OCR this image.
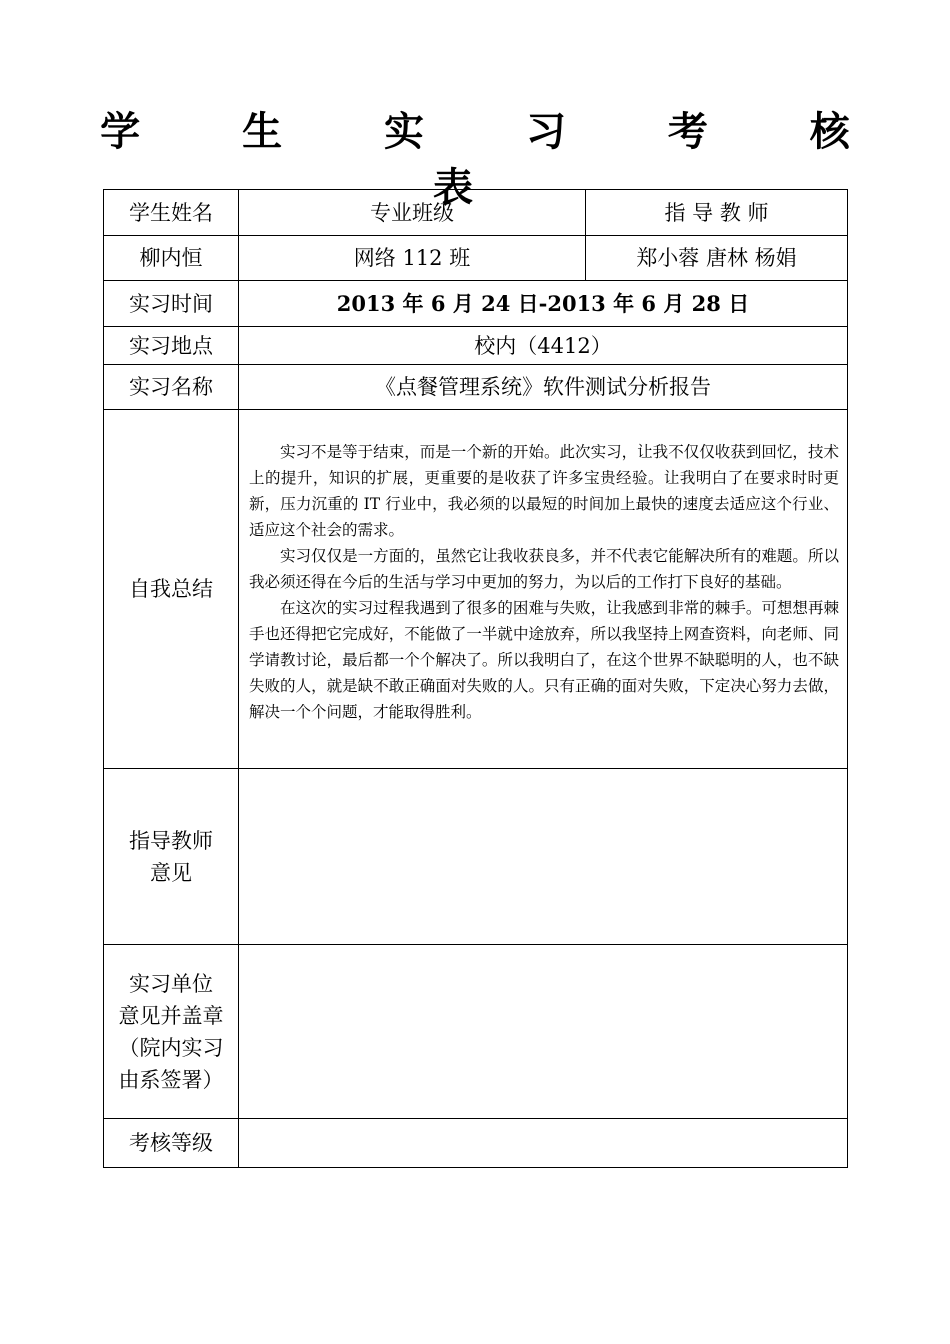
学 生 实 习 考 核 表
学生姓名	专业班级	指 导 教 师
柳内恒	网络 112 班	郑小蓉 唐林 杨娟
实习时间	2013 年 6 月 24 日-2013 年 6 月 28 日	
实习地点	校内（4412）	
实习名称	《点餐管理系统》软件测试分析报告	
自我总结	实习不是等于结束，而是一个新的开始。此次实习，让我不仅仅收获到回忆，技术上的提升，知识的扩展，更重要的是收获了许多宝贵经验。让我明白了在要求时时更新，压力沉重的 IT 行业中，我必须的以最短的时间加上最快的速度去适应这个行业、适应这个社会的需求。

实习仅仅是一方面的，虽然它让我收获良多，并不代表它能解决所有的难题。所以我必须还得在今后的生活与学习中更加的努力，为以后的工作打下良好的基础。

在这次的实习过程我遇到了很多的困难与失败，让我感到非常的棘手。可想想再棘手也还得把它完成好，不能做了一半就中途放弃，所以我坚持上网查资料，向老师、同学请教讨论，最后都一个个解决了。所以我明白了，在这个世界不缺聪明的人，也不缺失败的人，就是缺不敢正确面对失败的人。只有正确的面对失败，下定决心努力去做，解决一个个问题，才能取得胜利。	

指导教师
意见		

实习单位
意见并盖章
（院内实习
由系签署）		

考核等级		
